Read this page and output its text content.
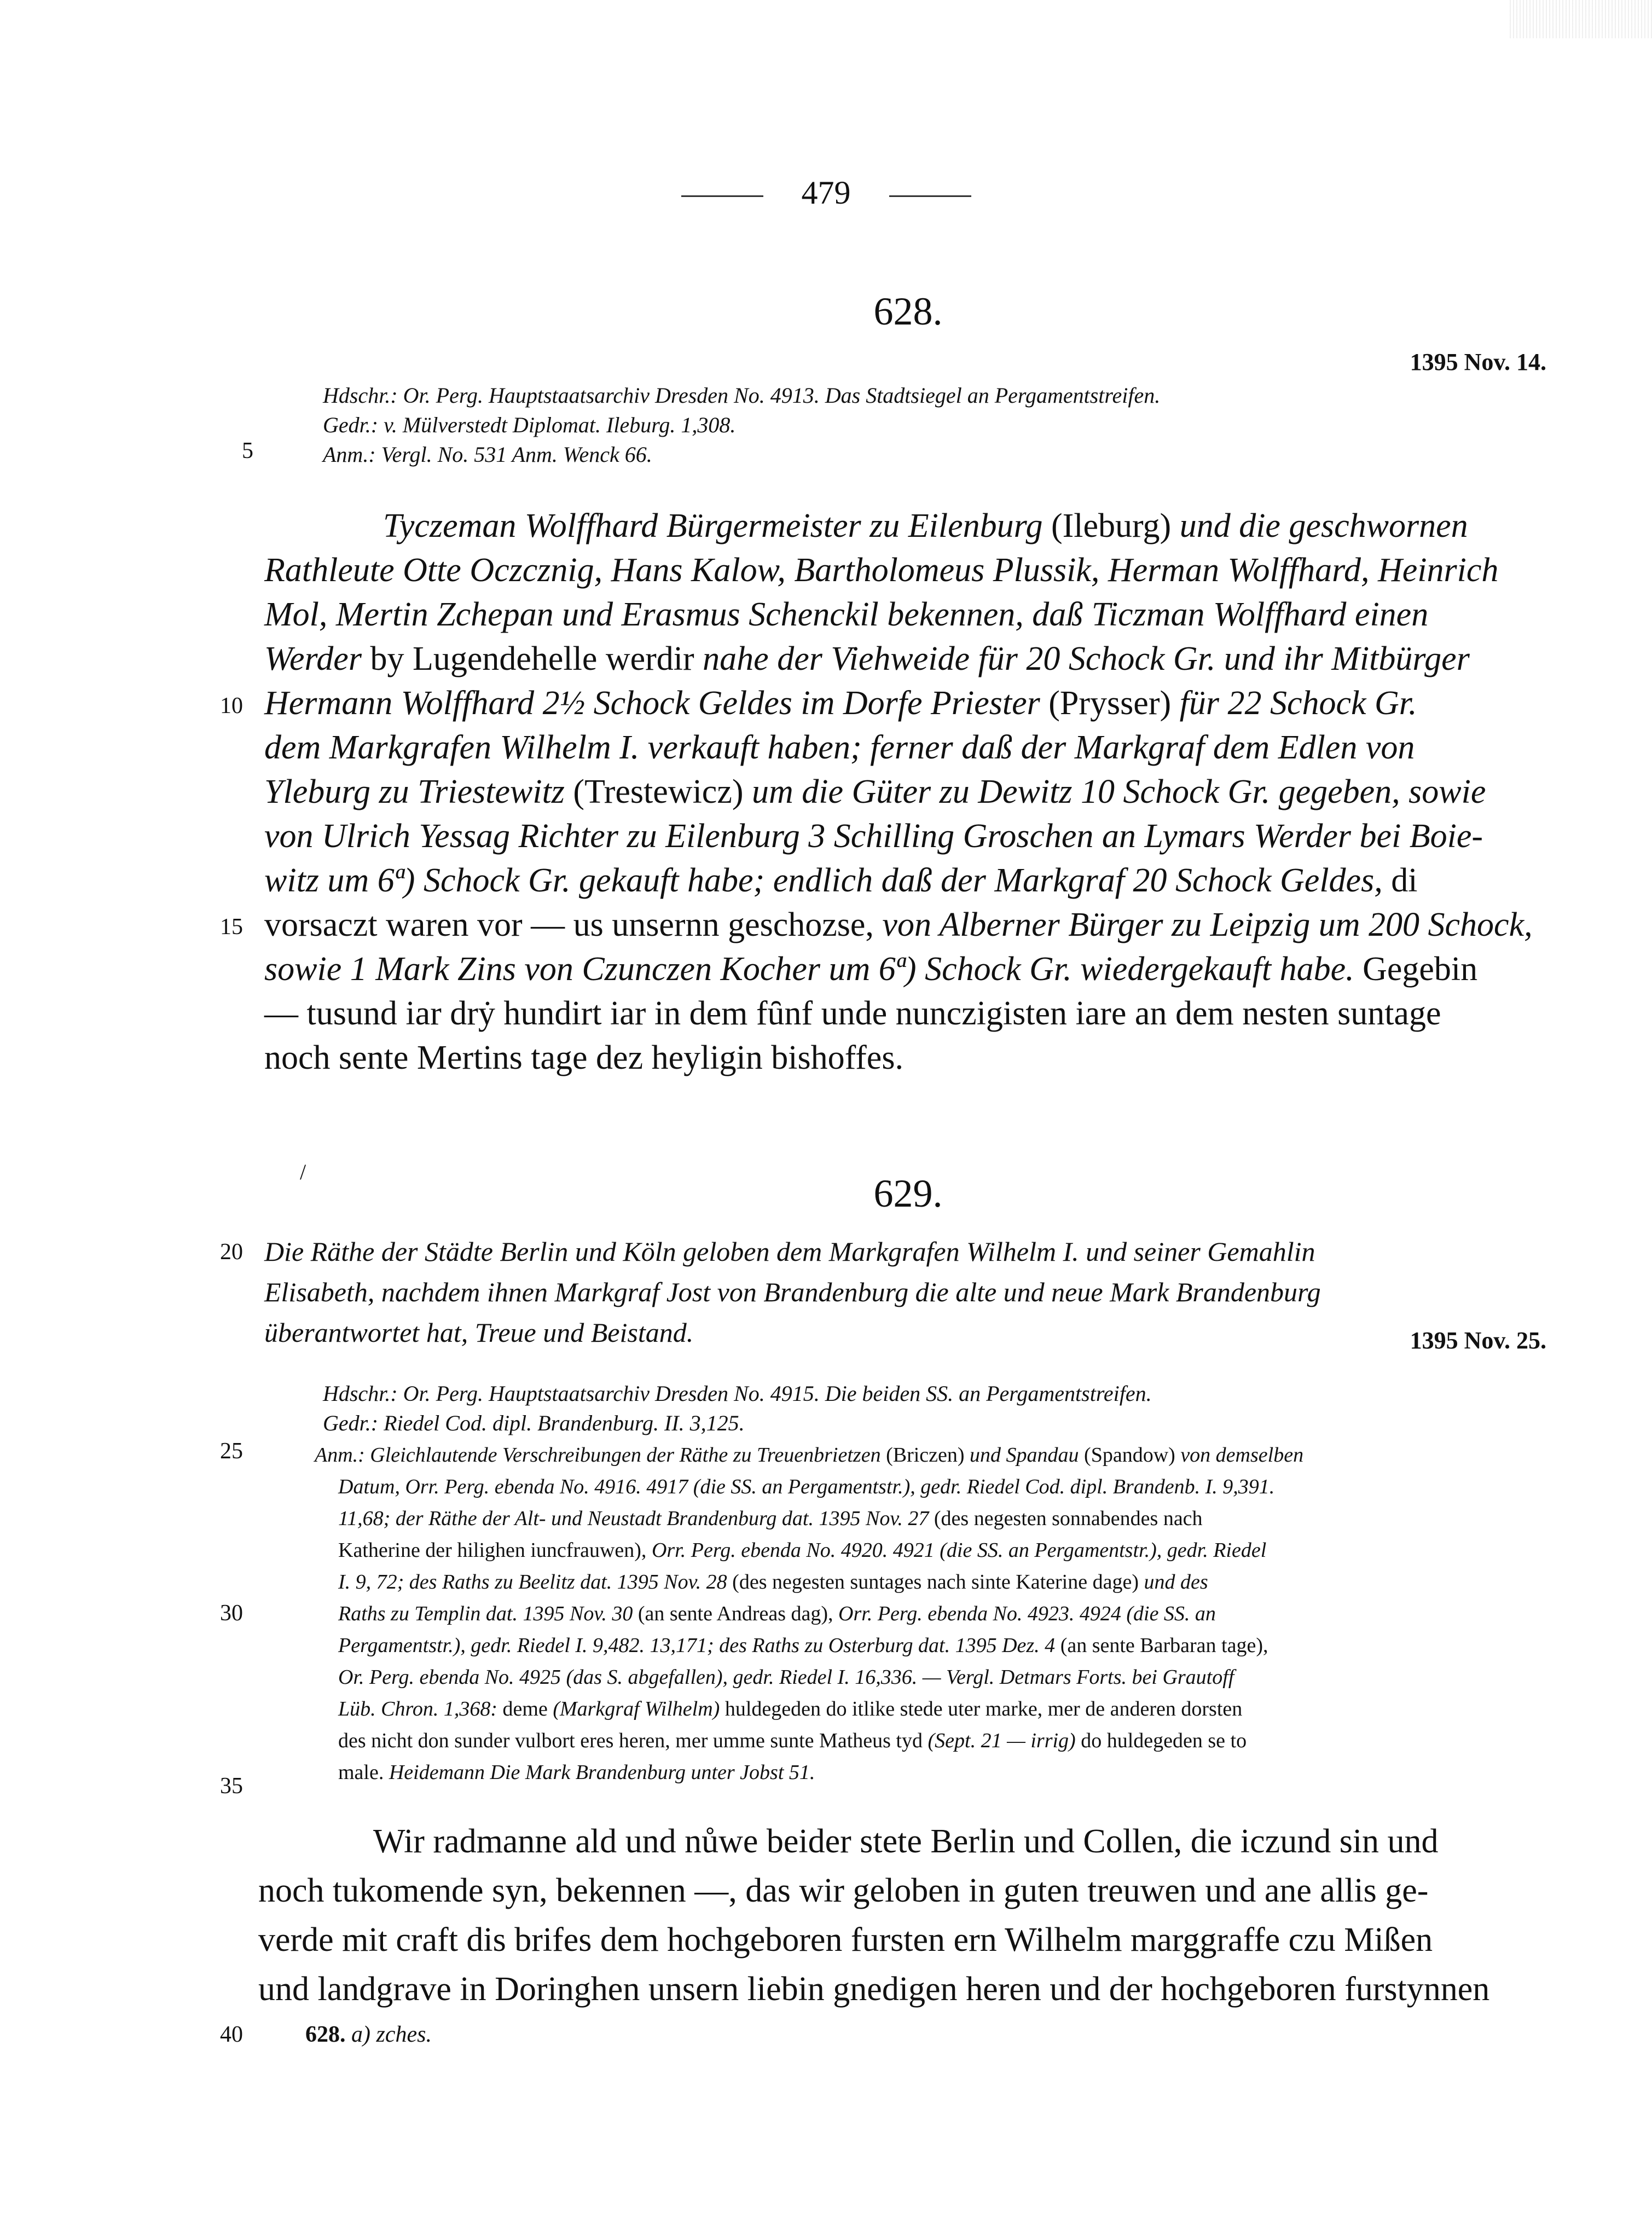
479
628.
1395 Nov. 14.
Hdschr.: Or. Perg. Hauptstaatsarchiv Dresden No. 4913. Das Stadtsiegel an Pergamentstreifen.
Gedr.: v. Mülverstedt Diplomat. Ileburg. 1,308.
Anm.: Vergl. No. 531 Anm. Wenck 66.
Tyczeman Wolffhard Bürgermeister zu Eilenburg (Ileburg) und die geschwornen
Rathleute Otte Oczcznig, Hans Kalow, Bartholomeus Plussik, Herman Wolffhard, Heinrich
Mol, Mertin Zchepan und Erasmus Schenckil bekennen, daß Ticzman Wolffhard einen
Werder by Lugendehelle werdir nahe der Viehweide für 20 Schock Gr. und ihr Mitbürger
Hermann Wolffhard 2½ Schock Geldes im Dorfe Priester (Prysser) für 22 Schock Gr.
dem Markgrafen Wilhelm I. verkauft haben; ferner daß der Markgraf dem Edlen von
Yleburg zu Triestewitz (Trestewicz) um die Güter zu Dewitz 10 Schock Gr. gegeben, sowie
von Ulrich Yessag Richter zu Eilenburg 3 Schilling Groschen an Lymars Werder bei Boie-
witz um 6ª) Schock Gr. gekauft habe; endlich daß der Markgraf 20 Schock Geldes, di
vorsaczt waren vor — us unsernn geschozse, von Alberner Bürger zu Leipzig um 200 Schock,
sowie 1 Mark Zins von Czunczen Kocher um 6ª) Schock Gr. wiedergekauft habe. Gegebin
— tusund iar drẏ hundirt iar in dem fȗnf unde nunczigisten iare an dem nesten suntage
noch sente Mertins tage dez heyligin bishoffes.
/	629.
Die Räthe der Städte Berlin und Köln geloben dem Markgrafen Wilhelm I. und seiner Gemahlin
Elisabeth, nachdem ihnen Markgraf Jost von Brandenburg die alte und neue Mark Brandenburg
überantwortet hat, Treue und Beistand.	1395 Nov. 25.
Hdschr.: Or. Perg. Hauptstaatsarchiv Dresden No. 4915. Die beiden SS. an Pergamentstreifen.
Gedr.: Riedel Cod. dipl. Brandenburg. II. 3,125.
Anm.: Gleichlautende Verschreibungen der Räthe zu Treuenbrietzen (Briczen) und Spandau (Spandow) von demselben
Datum, Orr. Perg. ebenda No. 4916. 4917 (die SS. an Pergamentstr.), gedr. Riedel Cod. dipl. Brandenb. I. 9,391.
11,68; der Räthe der Alt- und Neustadt Brandenburg dat. 1395 Nov. 27 (des negesten sonnabendes nach
Katherine der hilighen iuncfrauwen), Orr. Perg. ebenda No. 4920. 4921 (die SS. an Pergamentstr.), gedr. Riedel
I. 9, 72; des Raths zu Beelitz dat. 1395 Nov. 28 (des negesten suntages nach sinte Katerine dage) und des
Raths zu Templin dat. 1395 Nov. 30 (an sente Andreas dag), Orr. Perg. ebenda No. 4923. 4924 (die SS. an
Pergamentstr.), gedr. Riedel I. 9,482. 13,171; des Raths zu Osterburg dat. 1395 Dez. 4 (an sente Barbaran tage),
Or. Perg. ebenda No. 4925 (das S. abgefallen), gedr. Riedel I. 16,336. — Vergl. Detmars Forts. bei Grautoff
Lüb. Chron. 1,368: deme (Markgraf Wilhelm) huldegeden do itlike stede uter marke, mer de anderen dorsten
des nicht don sunder vulbort eres heren, mer umme sunte Matheus tyd (Sept. 21 — irrig) do huldegeden se to
male. Heidemann Die Mark Brandenburg unter Jobst 51.
Wir radmanne ald und nůwe beider stete Berlin und Collen, die iczund sin und
noch tukomende syn, bekennen —, das wir geloben in guten treuwen und ane allis ge-
verde mit craft dis brifes dem hochgeboren fursten ern Wilhelm marggraffe czu Mißen
und landgrave in Doringhen unsern liebin gnedigen heren und der hochgeboren furstynnen
5
10
15
20
25
30
35
40	628. a) zches.
